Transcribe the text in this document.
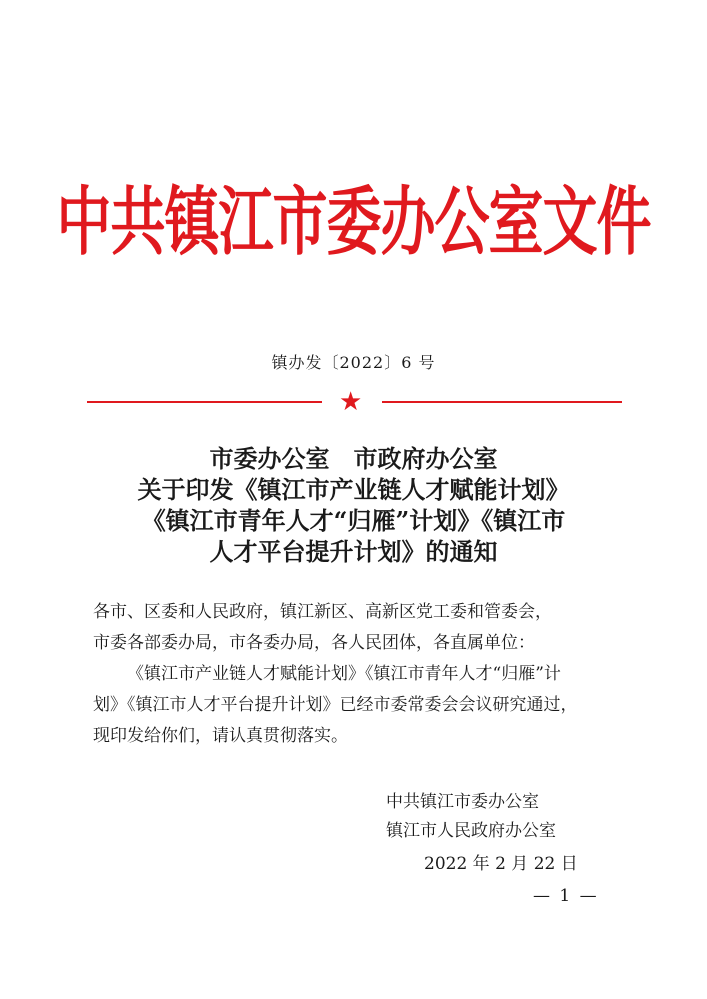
中共镇江市委办公室文件
镇办发〔2022〕6 号
★
市委办公室　市政府办公室
关于印发《镇江市产业链人才赋能计划》
《镇江市青年人才“归雁”计划》《镇江市
人才平台提升计划》的通知

各市、区委和人民政府，镇江新区、高新区党工委和管委会，

市委各部委办局，市各委办局，各人民团体，各直属单位：

《镇江市产业链人才赋能计划》《镇江市青年人才“归雁”计

划》《镇江市人才平台提升计划》已经市委常委会会议研究通过，

现印发给你们，请认真贯彻落实。

中共镇江市委办公室
镇江市人民政府办公室
2022 年 2 月 22 日
— 1 —
